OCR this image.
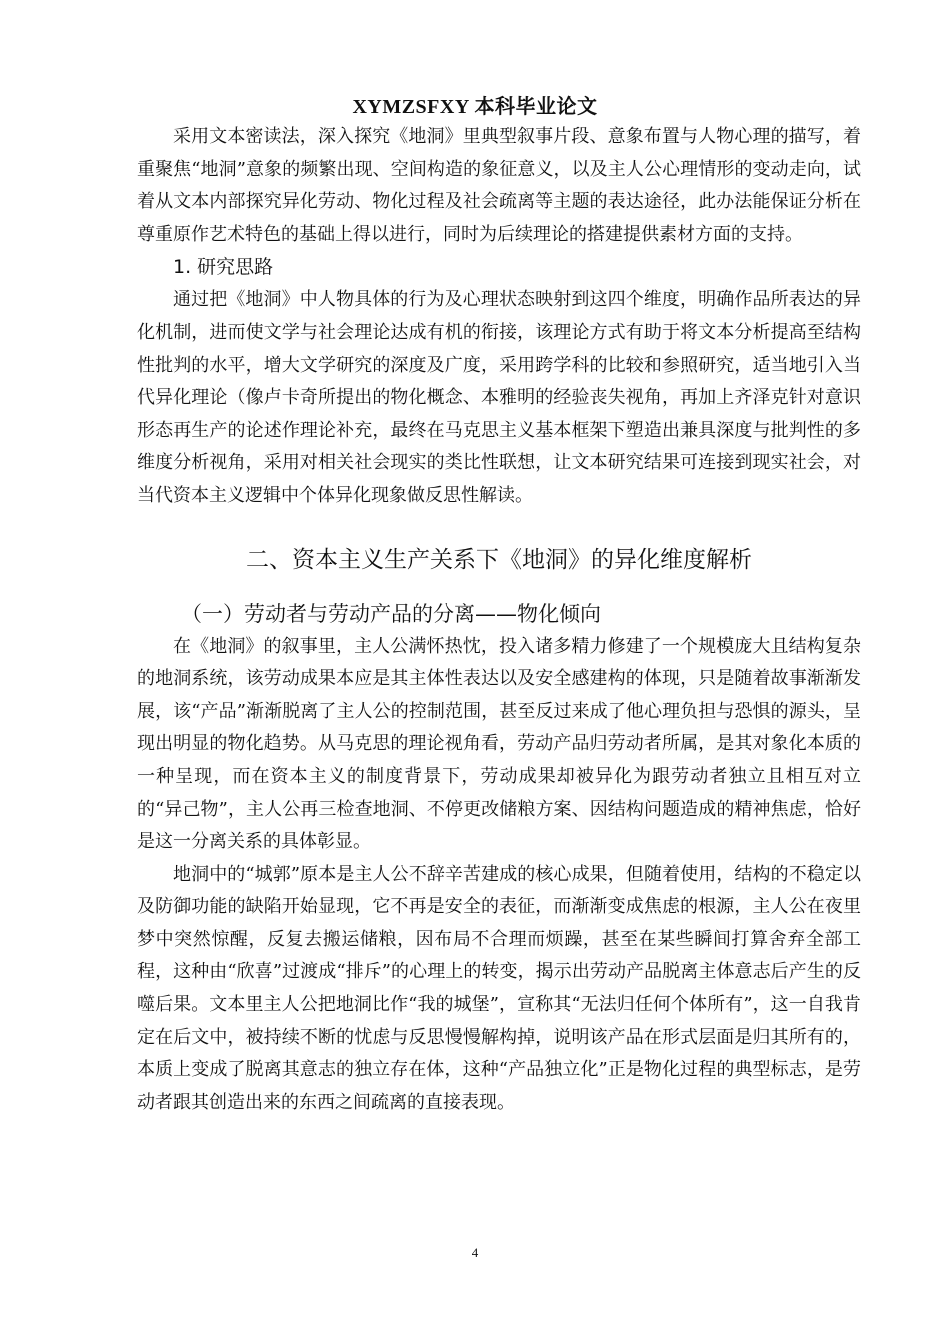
XYMZSFXY 本科毕业论文

采用文本密读法，深入探究《地洞》里典型叙事片段、意象布置与人物心理的描写，着重聚焦“地洞”意象的频繁出现、空间构造的象征意义，以及主人公心理情形的变动走向，试着从文本内部探究异化劳动、物化过程及社会疏离等主题的表达途径，此办法能保证分析在尊重原作艺术特色的基础上得以进行，同时为后续理论的搭建提供素材方面的支持。

1. 研究思路

通过把《地洞》中人物具体的行为及心理状态映射到这四个维度，明确作品所表达的异化机制，进而使文学与社会理论达成有机的衔接，该理论方式有助于将文本分析提高至结构性批判的水平，增大文学研究的深度及广度，采用跨学科的比较和参照研究，适当地引入当代异化理论（像卢卡奇所提出的物化概念、本雅明的经验丧失视角，再加上齐泽克针对意识形态再生产的论述作理论补充，最终在马克思主义基本框架下塑造出兼具深度与批判性的多维度分析视角，采用对相关社会现实的类比性联想，让文本研究结果可连接到现实社会，对当代资本主义逻辑中个体异化现象做反思性解读。

二、资本主义生产关系下《地洞》的异化维度解析
（一）劳动者与劳动产品的分离——物化倾向

在《地洞》的叙事里，主人公满怀热忱，投入诸多精力修建了一个规模庞大且结构复杂的地洞系统，该劳动成果本应是其主体性表达以及安全感建构的体现，只是随着故事渐渐发展，该“产品”渐渐脱离了主人公的控制范围，甚至反过来成了他心理负担与恐惧的源头，呈现出明显的物化趋势。从马克思的理论视角看，劳动产品归劳动者所属，是其对象化本质的一种呈现，而在资本主义的制度背景下，劳动成果却被异化为跟劳动者独立且相互对立的“异己物”，主人公再三检查地洞、不停更改储粮方案、因结构问题造成的精神焦虑，恰好是这一分离关系的具体彰显。

地洞中的“城郭”原本是主人公不辞辛苦建成的核心成果，但随着使用，结构的不稳定以及防御功能的缺陷开始显现，它不再是安全的表征，而渐渐变成焦虑的根源，主人公在夜里梦中突然惊醒，反复去搬运储粮，因布局不合理而烦躁，甚至在某些瞬间打算舍弃全部工程，这种由“欣喜”过渡成“排斥”的心理上的转变，揭示出劳动产品脱离主体意志后产生的反噬后果。文本里主人公把地洞比作“我的城堡”，宣称其“无法归任何个体所有”，这一自我肯定在后文中，被持续不断的忧虑与反思慢慢解构掉，说明该产品在形式层面是归其所有的，本质上变成了脱离其意志的独立存在体，这种“产品独立化”正是物化过程的典型标志，是劳动者跟其创造出来的东西之间疏离的直接表现。

4
